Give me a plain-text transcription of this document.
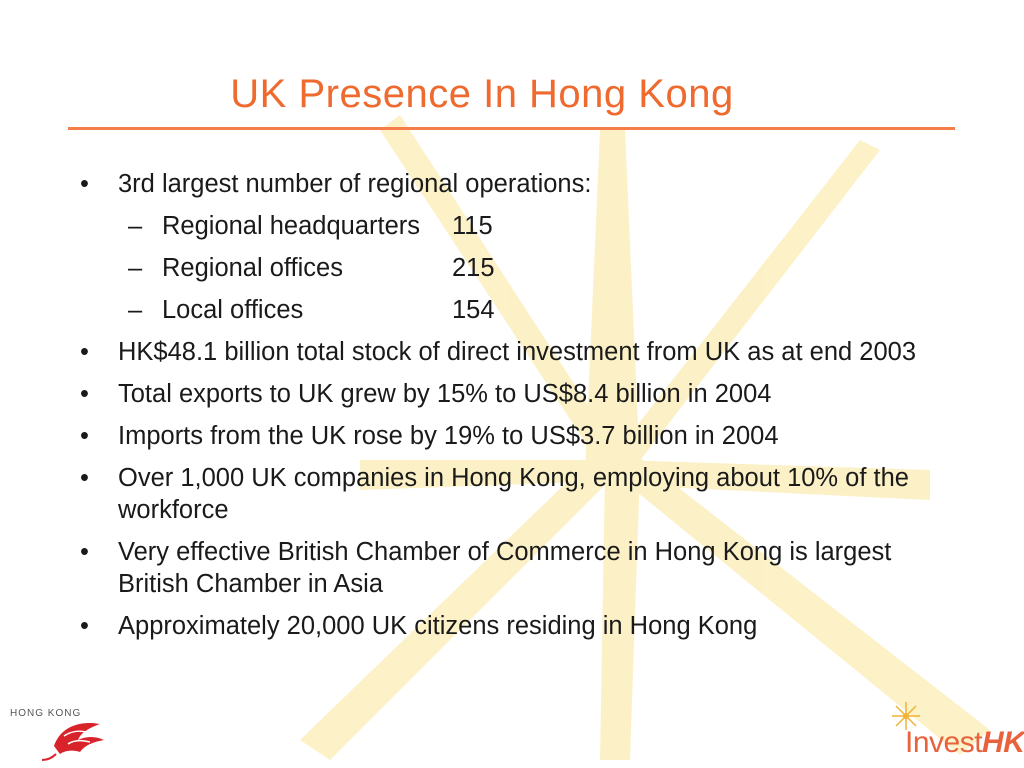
UK Presence In Hong Kong
•	3rd largest number of regional operations:
– Regional headquarters	115
– Regional offices	215
– Local offices	154
•	HK$48.1 billion total stock of direct investment from UK as at end 2003
•	Total exports to UK grew by 15% to US$8.4 billion in 2004
•	Imports from the UK rose by 19% to US$3.7 billion in 2004
•	Over 1,000 UK companies in Hong Kong, employing about 10% of the workforce
•	Very effective British Chamber of Commerce in Hong Kong is largest British Chamber in Asia
•	Approximately 20,000 UK citizens residing in Hong Kong
HONG KONG
InvestHK
